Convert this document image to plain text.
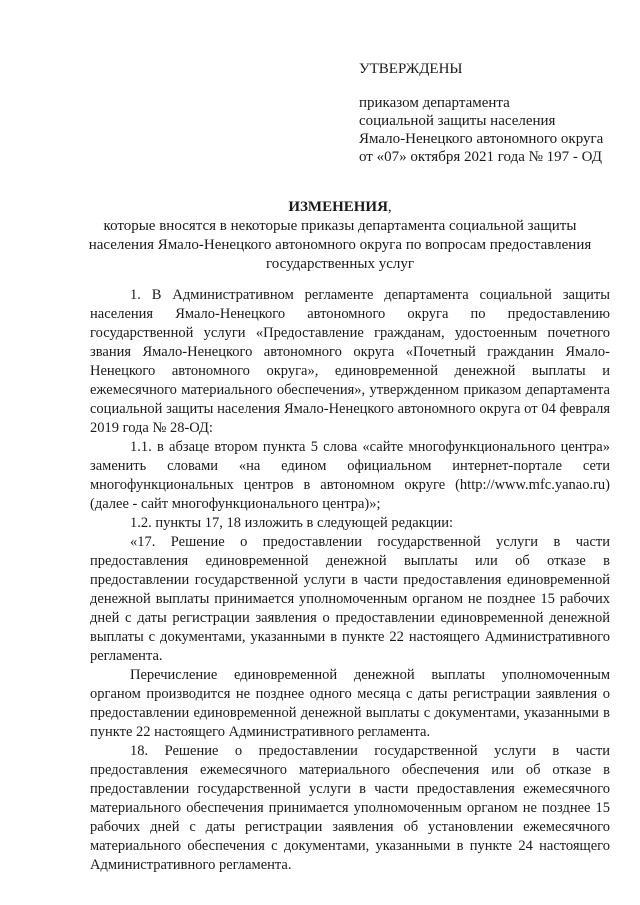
УТВЕРЖДЕНЫ
приказом департамента
социальной защиты населения
Ямало-Ненецкого автономного округа
от «07» октября 2021 года № 197 - ОД
ИЗМЕНЕНИЯ,
которые вносятся в некоторые приказы департамента социальной защиты
населения Ямало-Ненецкого автономного округа по вопросам предоставления
государственных услуг

1. В Административном регламенте департамента социальной защиты населения Ямало-Ненецкого автономного округа по предоставлению государственной услуги «Предоставление гражданам, удостоенным почетного звания Ямало-Ненецкого автономного округа «Почетный гражданин Ямало-Ненецкого автономного округа», единовременной денежной выплаты и ежемесячного материального обеспечения», утвержденном приказом департамента социальной защиты населения Ямало-Ненецкого автономного округа от 04 февраля 2019 года № 28-ОД:

1.1. в абзаце втором пункта 5 слова «сайте многофункционального центра» заменить словами «на едином официальном интернет-портале сети многофункциональных центров в автономном округе (http://www.mfc.yanao.ru) (далее - сайт многофункционального центра)»;

1.2. пункты 17, 18 изложить в следующей редакции:

«17. Решение о предоставлении государственной услуги в части предоставления единовременной денежной выплаты или об отказе в предоставлении государственной услуги в части предоставления единовременной денежной выплаты принимается уполномоченным органом не позднее 15 рабочих дней с даты регистрации заявления о предоставлении единовременной денежной выплаты с документами, указанными в пункте 22 настоящего Административного регламента.

Перечисление единовременной денежной выплаты уполномоченным органом производится не позднее одного месяца с даты регистрации заявления о предоставлении единовременной денежной выплаты с документами, указанными в пункте 22 настоящего Административного регламента.

18. Решение о предоставлении государственной услуги в части предоставления ежемесячного материального обеспечения или об отказе в предоставлении государственной услуги в части предоставления ежемесячного материального обеспечения принимается уполномоченным органом не позднее 15 рабочих дней с даты регистрации заявления об установлении ежемесячного материального обеспечения с документами, указанными в пункте 24 настоящего Административного регламента.
